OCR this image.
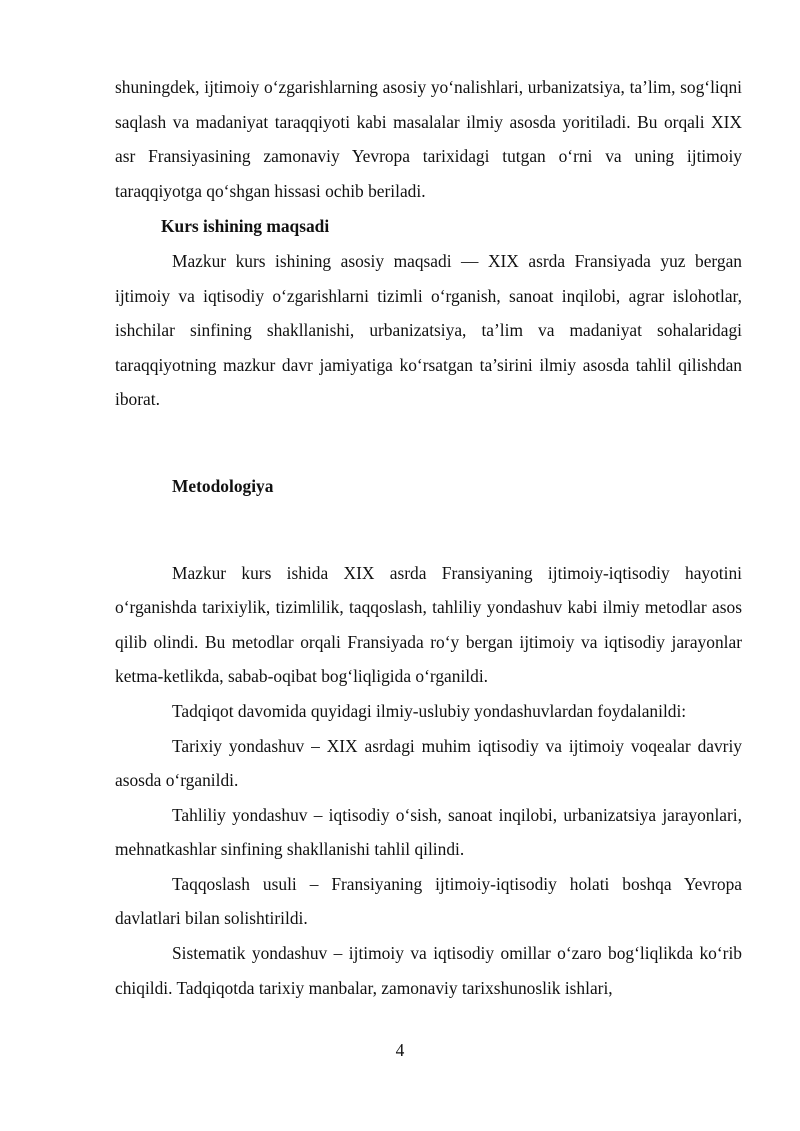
shuningdek, ijtimoiy o‘zgarishlarning asosiy yo‘nalishlari, urbanizatsiya, ta’lim, sog‘liqni saqlash va madaniyat taraqqiyoti kabi masalalar ilmiy asosda yoritiladi. Bu orqali XIX asr Fransiyasining zamonaviy Yevropa tarixidagi tutgan o‘rni va uning ijtimoiy taraqqiyotga qo‘shgan hissasi ochib beriladi.

Kurs ishining maqsadi

Mazkur kurs ishining asosiy maqsadi — XIX asrda Fransiyada yuz bergan ijtimoiy va iqtisodiy o‘zgarishlarni tizimli o‘rganish, sanoat inqilobi, agrar islohotlar, ishchilar sinfining shakllanishi, urbanizatsiya, ta’lim va madaniyat sohalaridagi taraqqiyotning mazkur davr jamiyatiga ko‘rsatgan ta’sirini ilmiy asosda tahlil qilishdan iborat.

Metodologiya

Mazkur kurs ishida XIX asrda Fransiyaning ijtimoiy-iqtisodiy hayotini o‘rganishda tarixiylik, tizimlilik, taqqoslash, tahliliy yondashuv kabi ilmiy metodlar asos qilib olindi. Bu metodlar orqali Fransiyada ro‘y bergan ijtimoiy va iqtisodiy jarayonlar ketma-ketlikda, sabab-oqibat bog‘liqligida o‘rganildi.

Tadqiqot davomida quyidagi ilmiy-uslubiy yondashuvlardan foydalanildi:

Tarixiy yondashuv – XIX asrdagi muhim iqtisodiy va ijtimoiy voqealar davriy asosda o‘rganildi.

Tahliliy yondashuv – iqtisodiy o‘sish, sanoat inqilobi, urbanizatsiya jarayonlari, mehnatkashlar sinfining shakllanishi tahlil qilindi.

Taqqoslash usuli – Fransiyaning ijtimoiy-iqtisodiy holati boshqa Yevropa davlatlari bilan solishtirildi.

Sistematik yondashuv – ijtimoiy va iqtisodiy omillar o‘zaro bog‘liqlikda ko‘rib chiqildi. Tadqiqotda tarixiy manbalar, zamonaviy tarixshunoslik ishlari,

4
